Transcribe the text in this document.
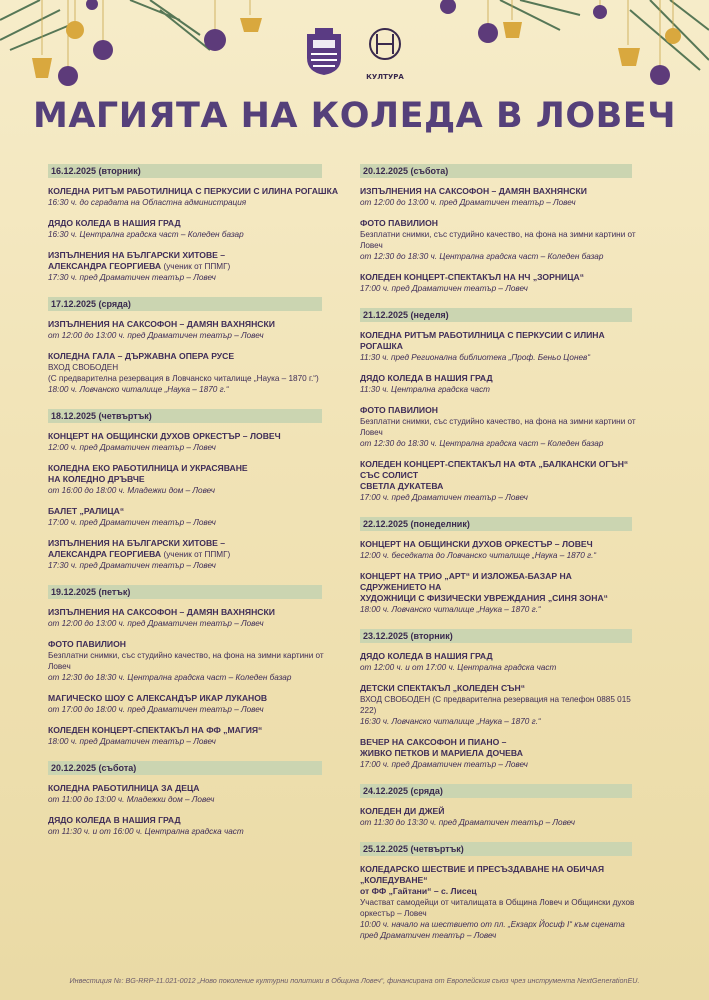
КУЛТУРА
МАГИЯТА НА КОЛЕДА В ЛОВЕЧ
16.12.2025 (вторник)
КОЛЕДНА РИТЪМ РАБОТИЛНИЦА С ПЕРКУСИИ С ИЛИНА РОГАШКА
16:30 ч. до сградата на Областна администрация
ДЯДО КОЛЕДА В НАШИЯ ГРАД
16:30 ч. Централна градска част – Коледен базар
ИЗПЪЛНЕНИЯ НА БЪЛГАРСКИ ХИТОВЕ –
АЛЕКСАНДРА ГЕОРГИЕВА (ученик от ППМГ)
17:30 ч. пред Драматичен театър – Ловеч
17.12.2025 (сряда)
ИЗПЪЛНЕНИЯ НА САКСОФОН – ДАМЯН ВАХНЯНСКИ
от 12:00 до 13:00 ч. пред Драматичен театър – Ловеч
КОЛЕДНА ГАЛА – ДЪРЖАВНА ОПЕРА РУСЕ
ВХОД СВОБОДЕН
(С предварителна резервация в Ловчанско читалище „Наука – 1870 г.“)
18:00 ч. Ловчанско читалище „Наука – 1870 г.“
18.12.2025 (четвъртък)
КОНЦЕРТ НА ОБЩИНСКИ ДУХОВ ОРКЕСТЪР – ЛОВЕЧ
12:00 ч. пред Драматичен театър – Ловеч
КОЛЕДНА ЕКО РАБОТИЛНИЦА И УКРАСЯВАНЕ
НА КОЛЕДНО ДРЪВЧЕ
от 16:00 до 18:00 ч. Младежки дом – Ловеч
БАЛЕТ „РАЛИЦА“
17:00 ч. пред Драматичен театър – Ловеч
ИЗПЪЛНЕНИЯ НА БЪЛГАРСКИ ХИТОВЕ –
АЛЕКСАНДРА ГЕОРГИЕВА (ученик от ППМГ)
17:30 ч. пред Драматичен театър – Ловеч
19.12.2025 (петък)
ИЗПЪЛНЕНИЯ НА САКСОФОН – ДАМЯН ВАХНЯНСКИ
от 12:00 до 13:00 ч. пред Драматичен театър – Ловеч
ФОТО ПАВИЛИОН
Безплатни снимки, със студийно качество, на фона на зимни картини от Ловеч
от 12:30 до 18:30 ч. Централна градска част – Коледен базар
МАГИЧЕСКО ШОУ С АЛЕКСАНДЪР ИКАР ЛУКАНОВ
от 17:00 до 18:00 ч. пред Драматичен театър – Ловеч
КОЛЕДЕН КОНЦЕРТ-СПЕКТАКЪЛ НА ФФ „МАГИЯ“
18:00 ч. пред Драматичен театър – Ловеч
20.12.2025 (събота)
КОЛЕДНА РАБОТИЛНИЦА ЗА ДЕЦА
от 11:00 до 13:00 ч. Младежки дом – Ловеч
ДЯДО КОЛЕДА В НАШИЯ ГРАД
от 11:30 ч. и от 16:00 ч. Централна градска част
20.12.2025 (събота)
ИЗПЪЛНЕНИЯ НА САКСОФОН – ДАМЯН ВАХНЯНСКИ
от 12:00 до 13:00 ч. пред Драматичен театър – Ловеч
ФОТО ПАВИЛИОН
Безплатни снимки, със студийно качество, на фона на зимни картини от Ловеч
от 12:30 до 18:30 ч. Централна градска част – Коледен базар
КОЛЕДЕН КОНЦЕРТ-СПЕКТАКЪЛ НА НЧ „ЗОРНИЦА“
17:00 ч. пред Драматичен театър – Ловеч
21.12.2025 (неделя)
КОЛЕДНА РИТЪМ РАБОТИЛНИЦА С ПЕРКУСИИ С ИЛИНА РОГАШКА
11:30 ч. пред Регионална библиотека „Проф. Беньо Цонев“
ДЯДО КОЛЕДА В НАШИЯ ГРАД
11:30 ч. Централна градска част
ФОТО ПАВИЛИОН
Безплатни снимки, със студийно качество, на фона на зимни картини от Ловеч
от 12:30 до 18:30 ч. Централна градска част – Коледен базар
КОЛЕДЕН КОНЦЕРТ-СПЕКТАКЪЛ НА ФТА „БАЛКАНСКИ ОГЪН“ СЪС СОЛИСТ
СВЕТЛА ДУКАТЕВА
17:00 ч. пред Драматичен театър – Ловеч
22.12.2025 (понеделник)
КОНЦЕРТ НА ОБЩИНСКИ ДУХОВ ОРКЕСТЪР – ЛОВЕЧ
12:00 ч. беседката до Ловчанско читалище „Наука – 1870 г.“
КОНЦЕРТ НА ТРИО „АРТ“ И ИЗЛОЖБА-БАЗАР НА СДРУЖЕНИЕТО НА
ХУДОЖНИЦИ С ФИЗИЧЕСКИ УВРЕЖДАНИЯ „СИНЯ ЗОНА“
18:00 ч. Ловчанско читалище „Наука – 1870 г.“
23.12.2025 (вторник)
ДЯДО КОЛЕДА В НАШИЯ ГРАД
от 12:00 ч. и от 17:00 ч. Централна градска част
ДЕТСКИ СПЕКТАКЪЛ „КОЛЕДЕН СЪН“
ВХОД СВОБОДЕН (С предварителна резервация на телефон 0885 015 222)
16:30 ч. Ловчанско читалище „Наука – 1870 г.“
ВЕЧЕР НА САКСОФОН И ПИАНО –
ЖИВКО ПЕТКОВ И МАРИЕЛА ДОЧЕВА
17:00 ч. пред Драматичен театър – Ловеч
24.12.2025 (сряда)
КОЛЕДЕН ДИ ДЖЕЙ
от 11:30 до 13:30 ч. пред Драматичен театър – Ловеч
25.12.2025 (четвъртък)
КОЛЕДАРСКО ШЕСТВИЕ И ПРЕСЪЗДАВАНЕ НА ОБИЧАЯ „КОЛЕДУВАНЕ“
от ФФ „Гайтани“ – с. Лисец
Участват самодейци от читалищата в Община Ловеч и Общински духов оркестър – Ловеч
10:00 ч. начало на шествието от пл. „Екзарх Йосиф I“ към сцената пред Драматичен театър – Ловеч
Инвестиция №: BG-RRP-11.021-0012 „Ново поколение културни политики в Община Ловеч“, финансирана от Европейския съюз чрез инструмента NextGenerationEU.
